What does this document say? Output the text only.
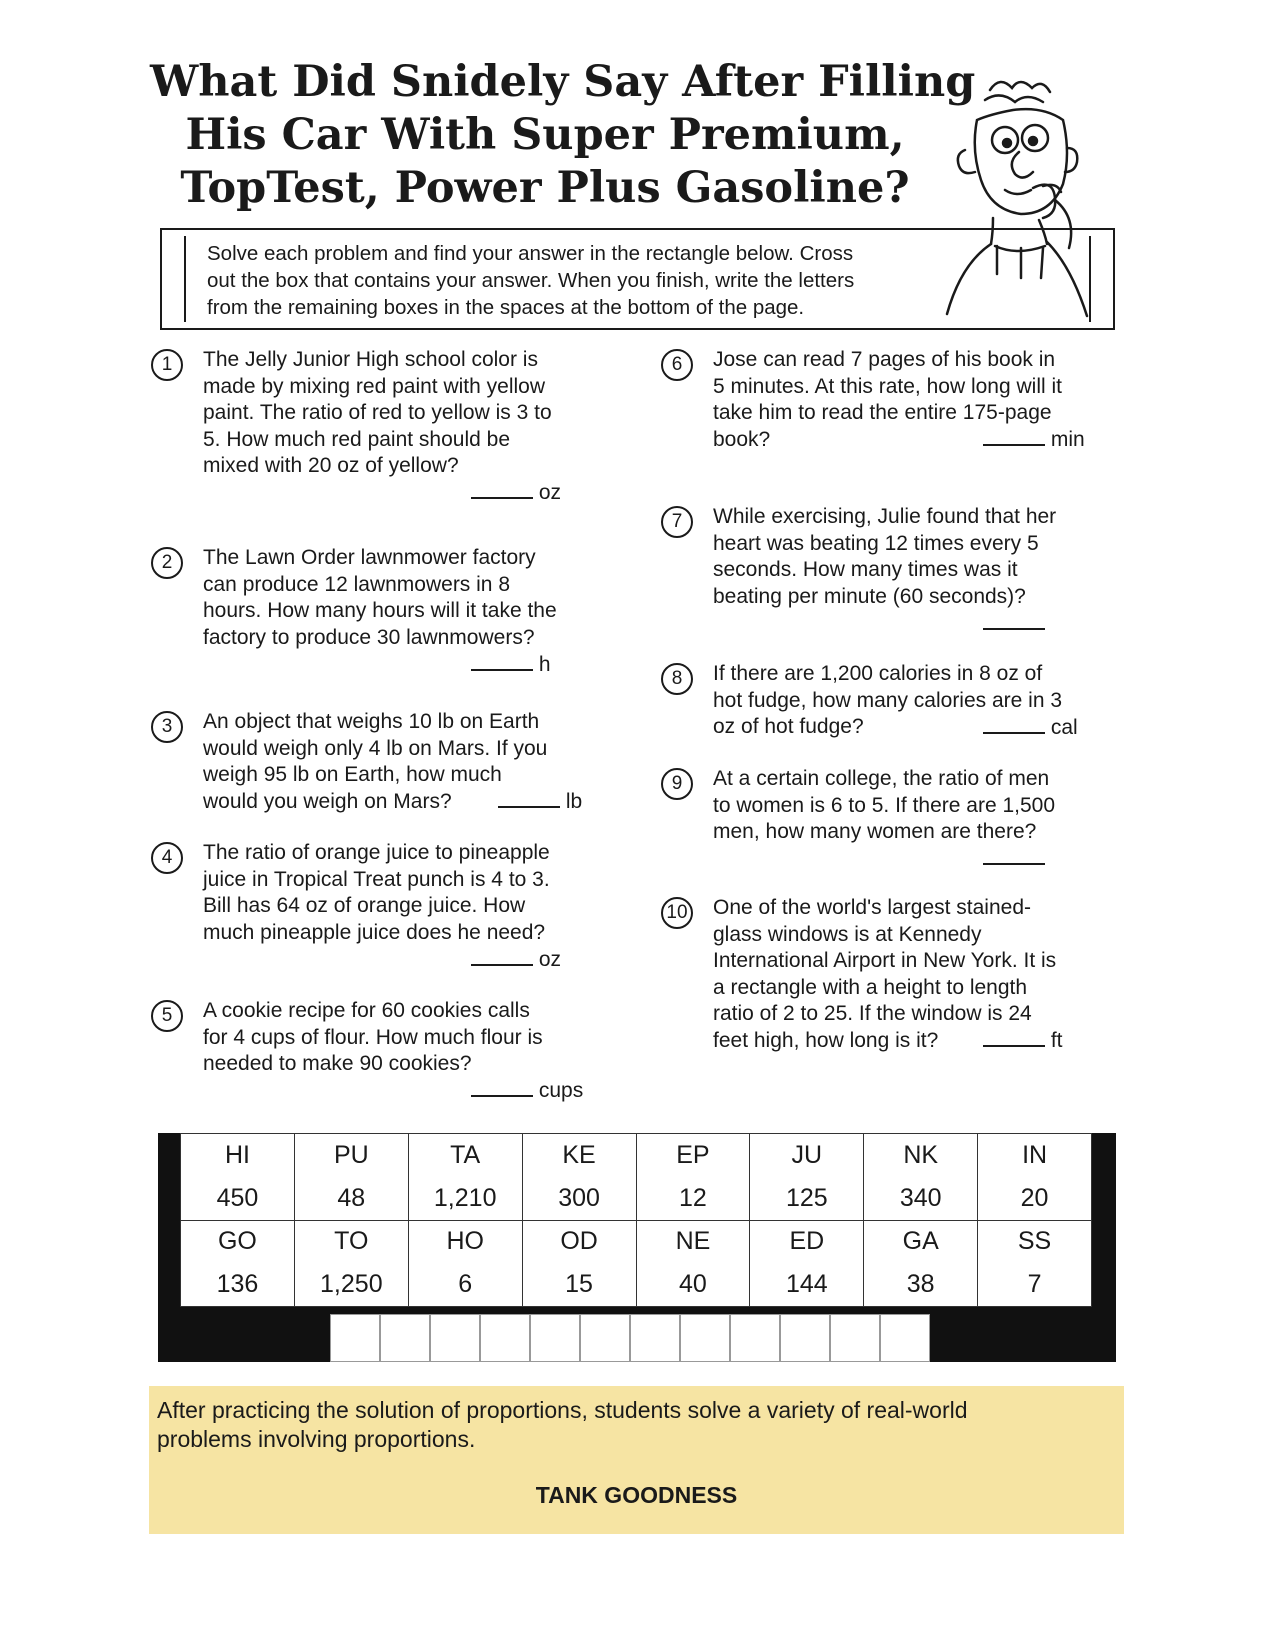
What Did Snidely Say After Filling
His Car With Super Premium,
TopTest, Power Plus Gasoline?
Solve each problem and find your answer in the rectangle below. Cross
out the box that contains your answer. When you finish, write the letters
from the remaining boxes in the spaces at the bottom of the page.
1	The Jelly Junior High school color is
made by mixing red paint with yellow
paint. The ratio of red to yellow is 3 to
5. How much red paint should be
mixed with 20 oz of yellow?
oz
2	The Lawn Order lawnmower factory
can produce 12 lawnmowers in 8
hours. How many hours will it take the
factory to produce 30 lawnmowers?
h
3	An object that weighs 10 lb on Earth
would weigh only 4 lb on Mars. If you
weigh 95 lb on Earth, how much
would you weigh on Mars?	lb
4	The ratio of orange juice to pineapple
juice in Tropical Treat punch is 4 to 3.
Bill has 64 oz of orange juice. How
much pineapple juice does he need?
oz
5	A cookie recipe for 60 cookies calls
for 4 cups of flour. How much flour is
needed to make 90 cookies?
cups
6	Jose can read 7 pages of his book in
5 minutes. At this rate, how long will it
take him to read the entire 175-page
book?	min
7	While exercising, Julie found that her
heart was beating 12 times every 5
seconds. How many times was it
beating per minute (60 seconds)?
8	If there are 1,200 calories in 8 oz of
hot fudge, how many calories are in 3
oz of hot fudge?	cal
9	At a certain college, the ratio of men
to women is 6 to 5. If there are 1,500
men, how many women are there?
10 One of the world's largest stained-
glass windows is at Kennedy
International Airport in New York. It is
a rectangle with a height to length
ratio of 2 to 25. If the window is 24
feet high, how long is it?	ft
HI	PU	TA	KE	EP	JU	NK	IN
450	48	1,210	300	12	125	340	20
GO	TO	HO	OD	NE	ED	GA	SS
136	1,250	6	15	40	144	38	7
After practicing the solution of proportions, students solve a variety of real-world
problems involving proportions.
TANK GOODNESS
